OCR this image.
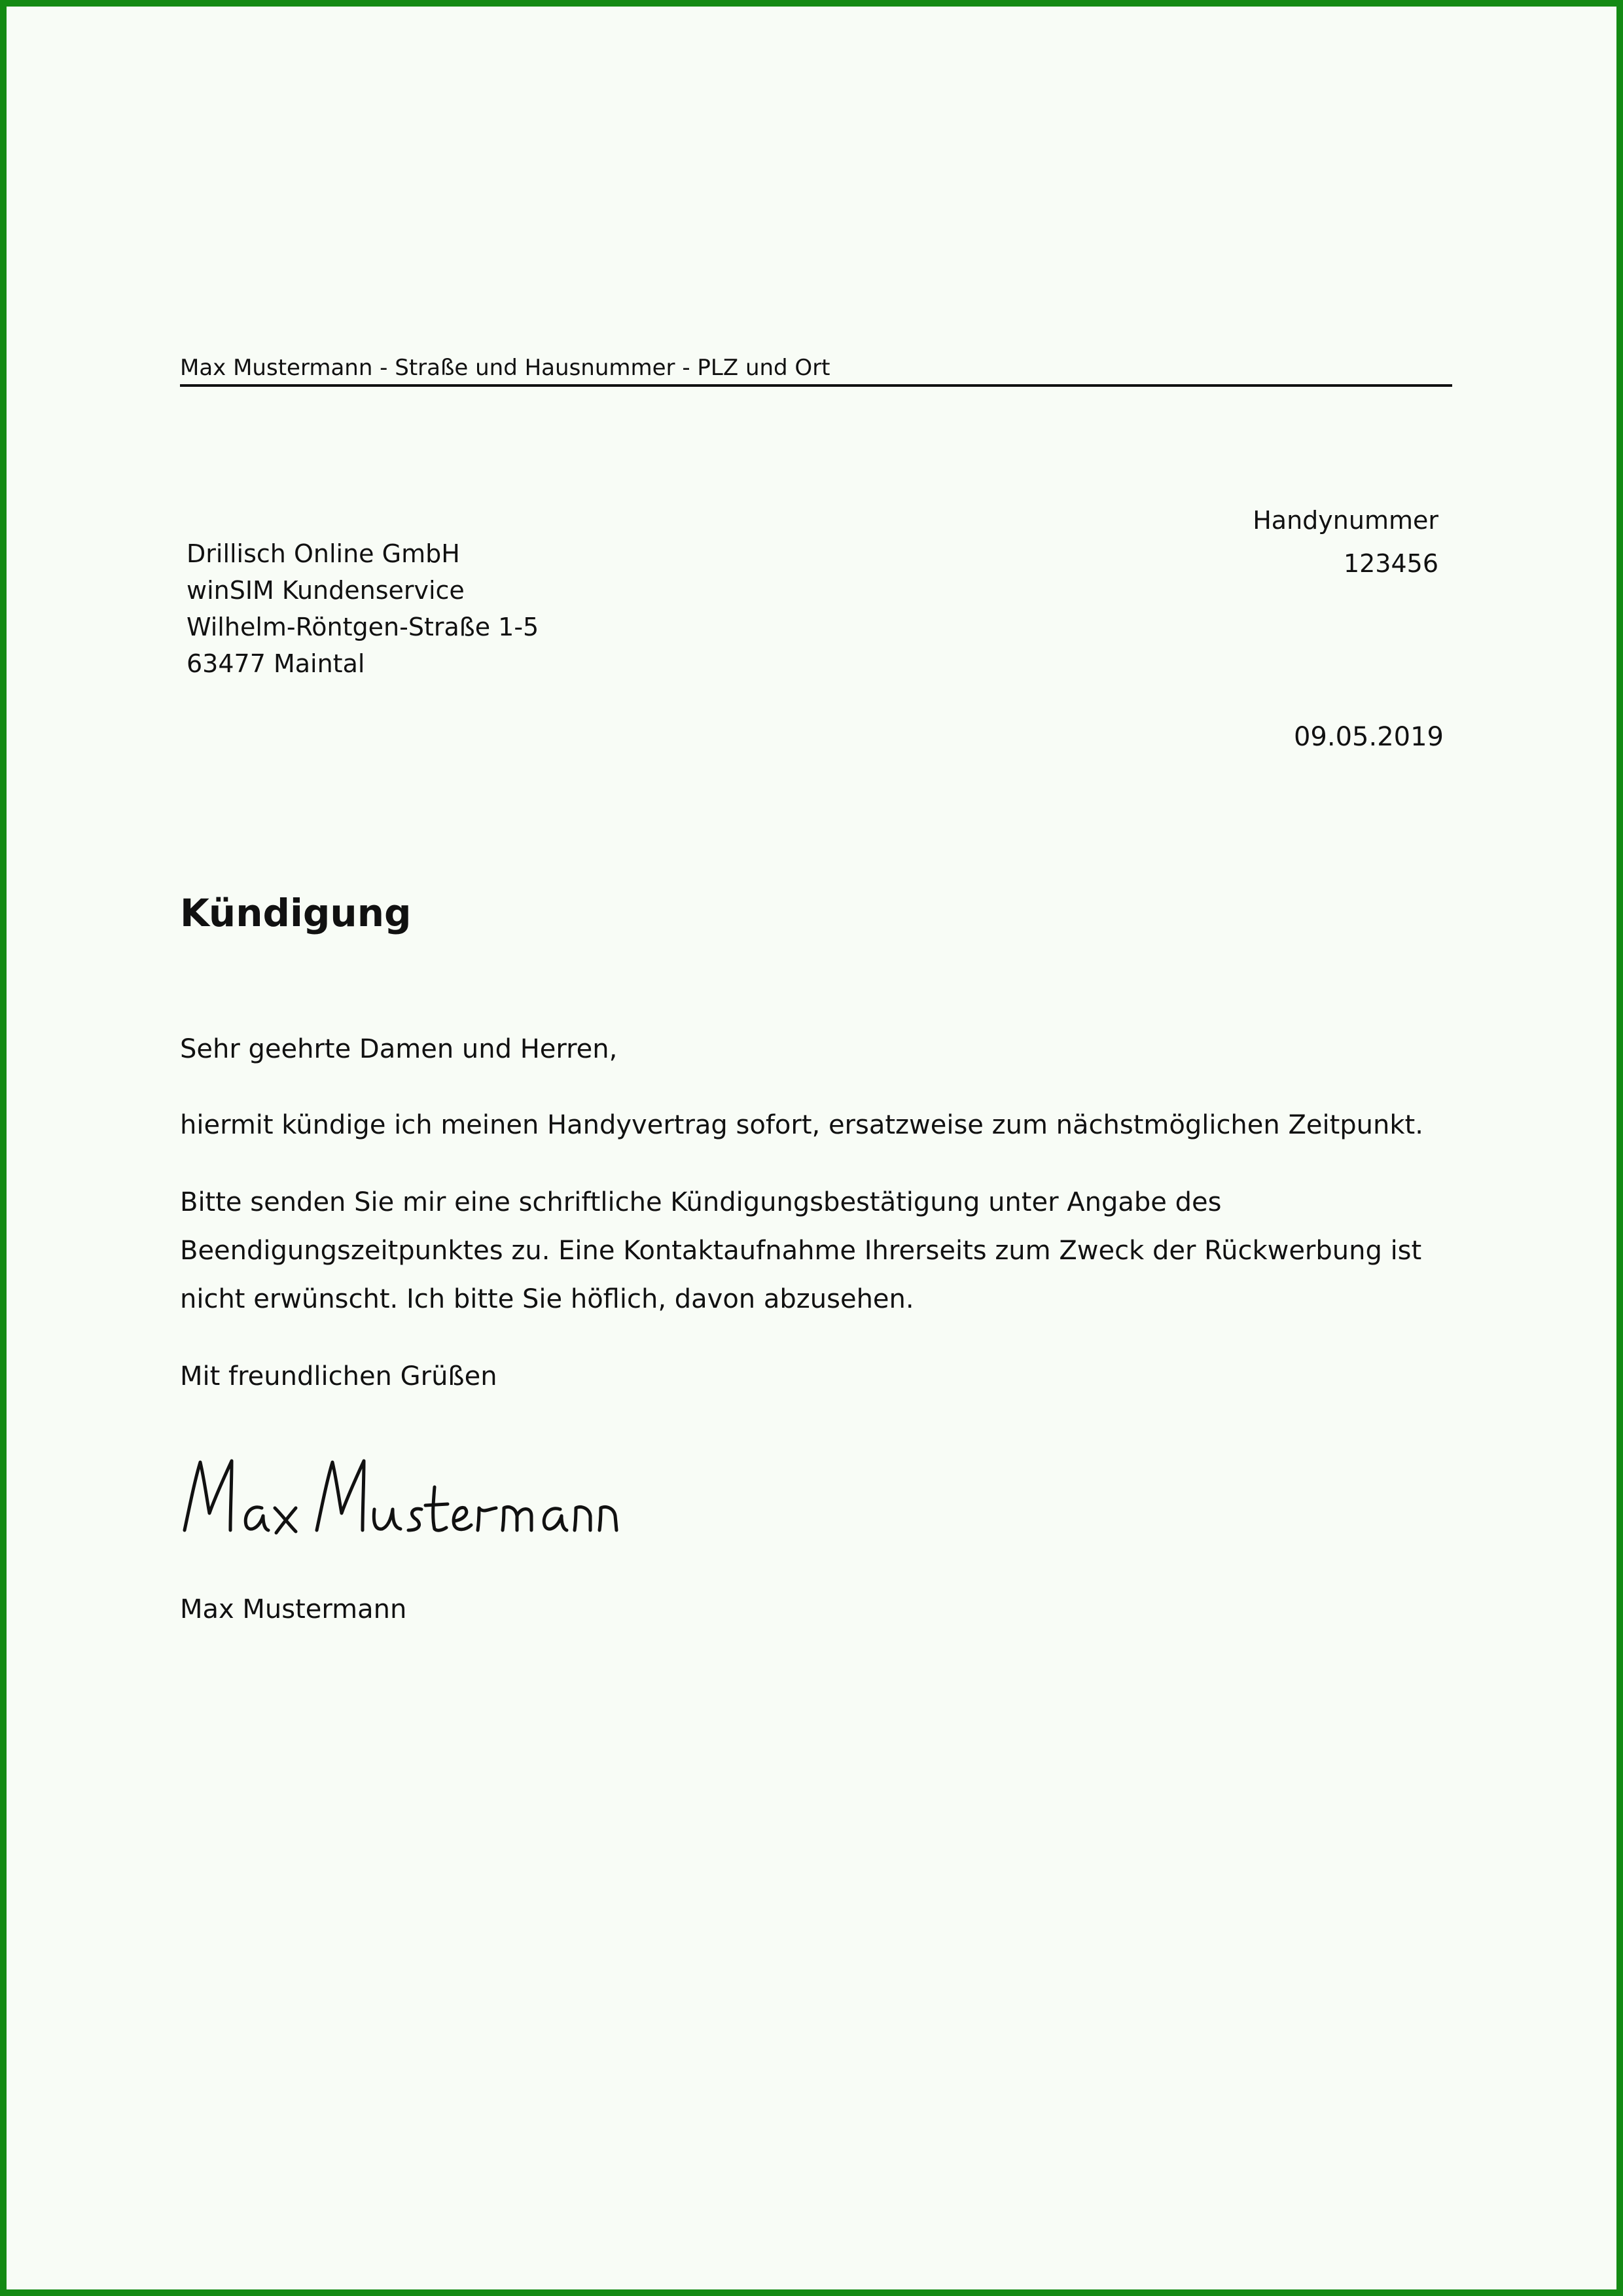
Max Mustermann - Straße und Hausnummer - PLZ und Ort
Drillisch Online GmbH
winSIM Kundenservice
Wilhelm-Röntgen-Straße 1-5
63477 Maintal
Handynummer
123456
09.05.2019
Kündigung
Sehr geehrte Damen und Herren,
hiermit kündige ich meinen Handyvertrag sofort, ersatzweise zum nächstmöglichen Zeitpunkt.
Bitte senden Sie mir eine schriftliche Kündigungsbestätigung unter Angabe des Beendigungszeitpunktes zu. Eine Kontaktaufnahme Ihrerseits zum Zweck der Rückwerbung ist nicht erwünscht. Ich bitte Sie höflich, davon abzusehen.
Mit freundlichen Grüßen
Max Mustermann
